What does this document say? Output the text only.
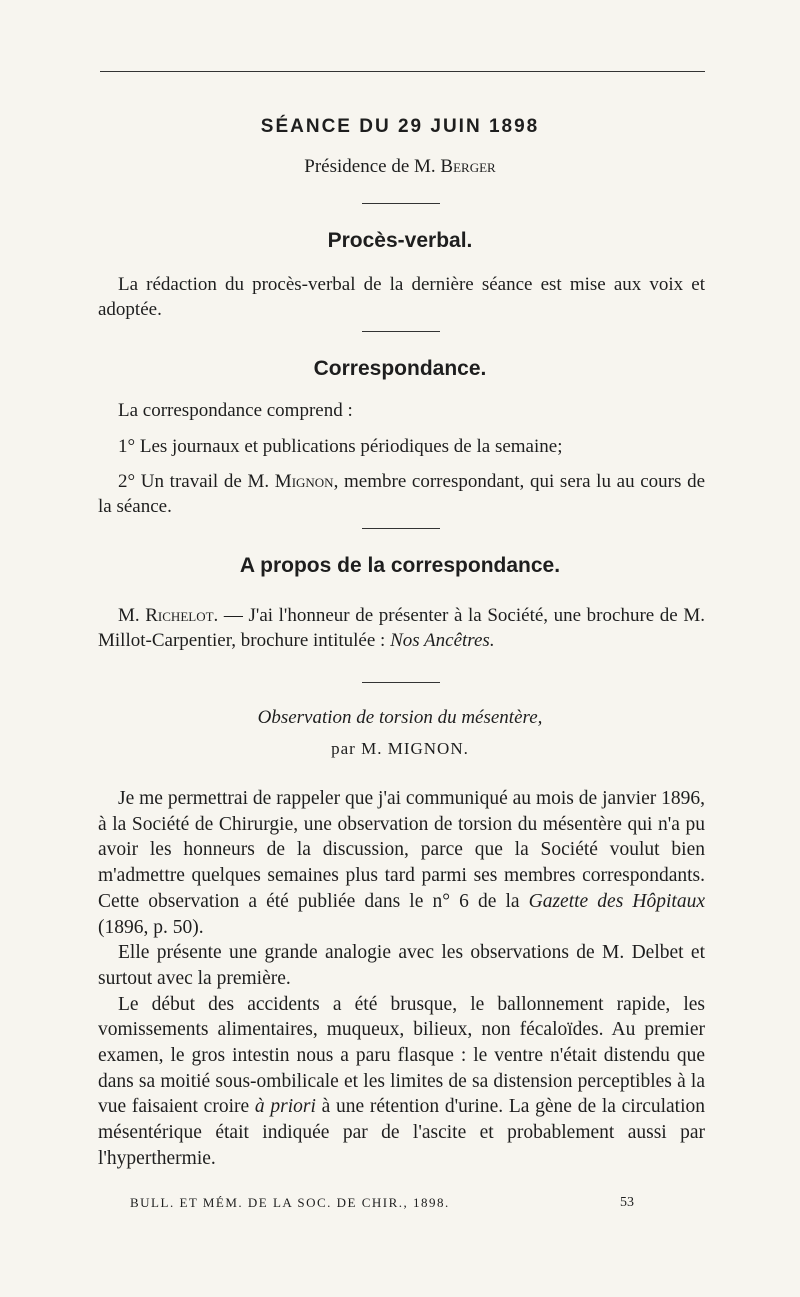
SÉANCE DU 29 JUIN 1898
Présidence de M. Berger
Procès-verbal.
La rédaction du procès-verbal de la dernière séance est mise aux voix et adoptée.
Correspondance.
La correspondance comprend :
1° Les journaux et publications périodiques de la semaine;
2° Un travail de M. Mignon, membre correspondant, qui sera lu au cours de la séance.
A propos de la correspondance.
M. Richelot. — J'ai l'honneur de présenter à la Société, une brochure de M. Millot-Carpentier, brochure intitulée : Nos Ancêtres.
Observation de torsion du mésentère,
par M. MIGNON.

Je me permettrai de rappeler que j'ai communiqué au mois de janvier 1896, à la Société de Chirurgie, une observation de torsion du mésentère qui n'a pu avoir les honneurs de la discussion, parce que la Société voulut bien m'admettre quelques semaines plus tard parmi ses membres correspondants. Cette observation a été publiée dans le n° 6 de la Gazette des Hôpitaux (1896, p. 50).

Elle présente une grande analogie avec les observations de M. Delbet et surtout avec la première.

Le début des accidents a été brusque, le ballonnement rapide, les vomissements alimentaires, muqueux, bilieux, non fécaloïdes. Au premier examen, le gros intestin nous a paru flasque : le ventre n'était distendu que dans sa moitié sous-ombilicale et les limites de sa distension perceptibles à la vue faisaient croire à priori à une rétention d'urine. La gène de la circulation mésentérique était indiquée par de l'ascite et probablement aussi par l'hyperthermie.

BULL. ET MÉM. DE LA SOC. DE CHIR., 1898.	53
